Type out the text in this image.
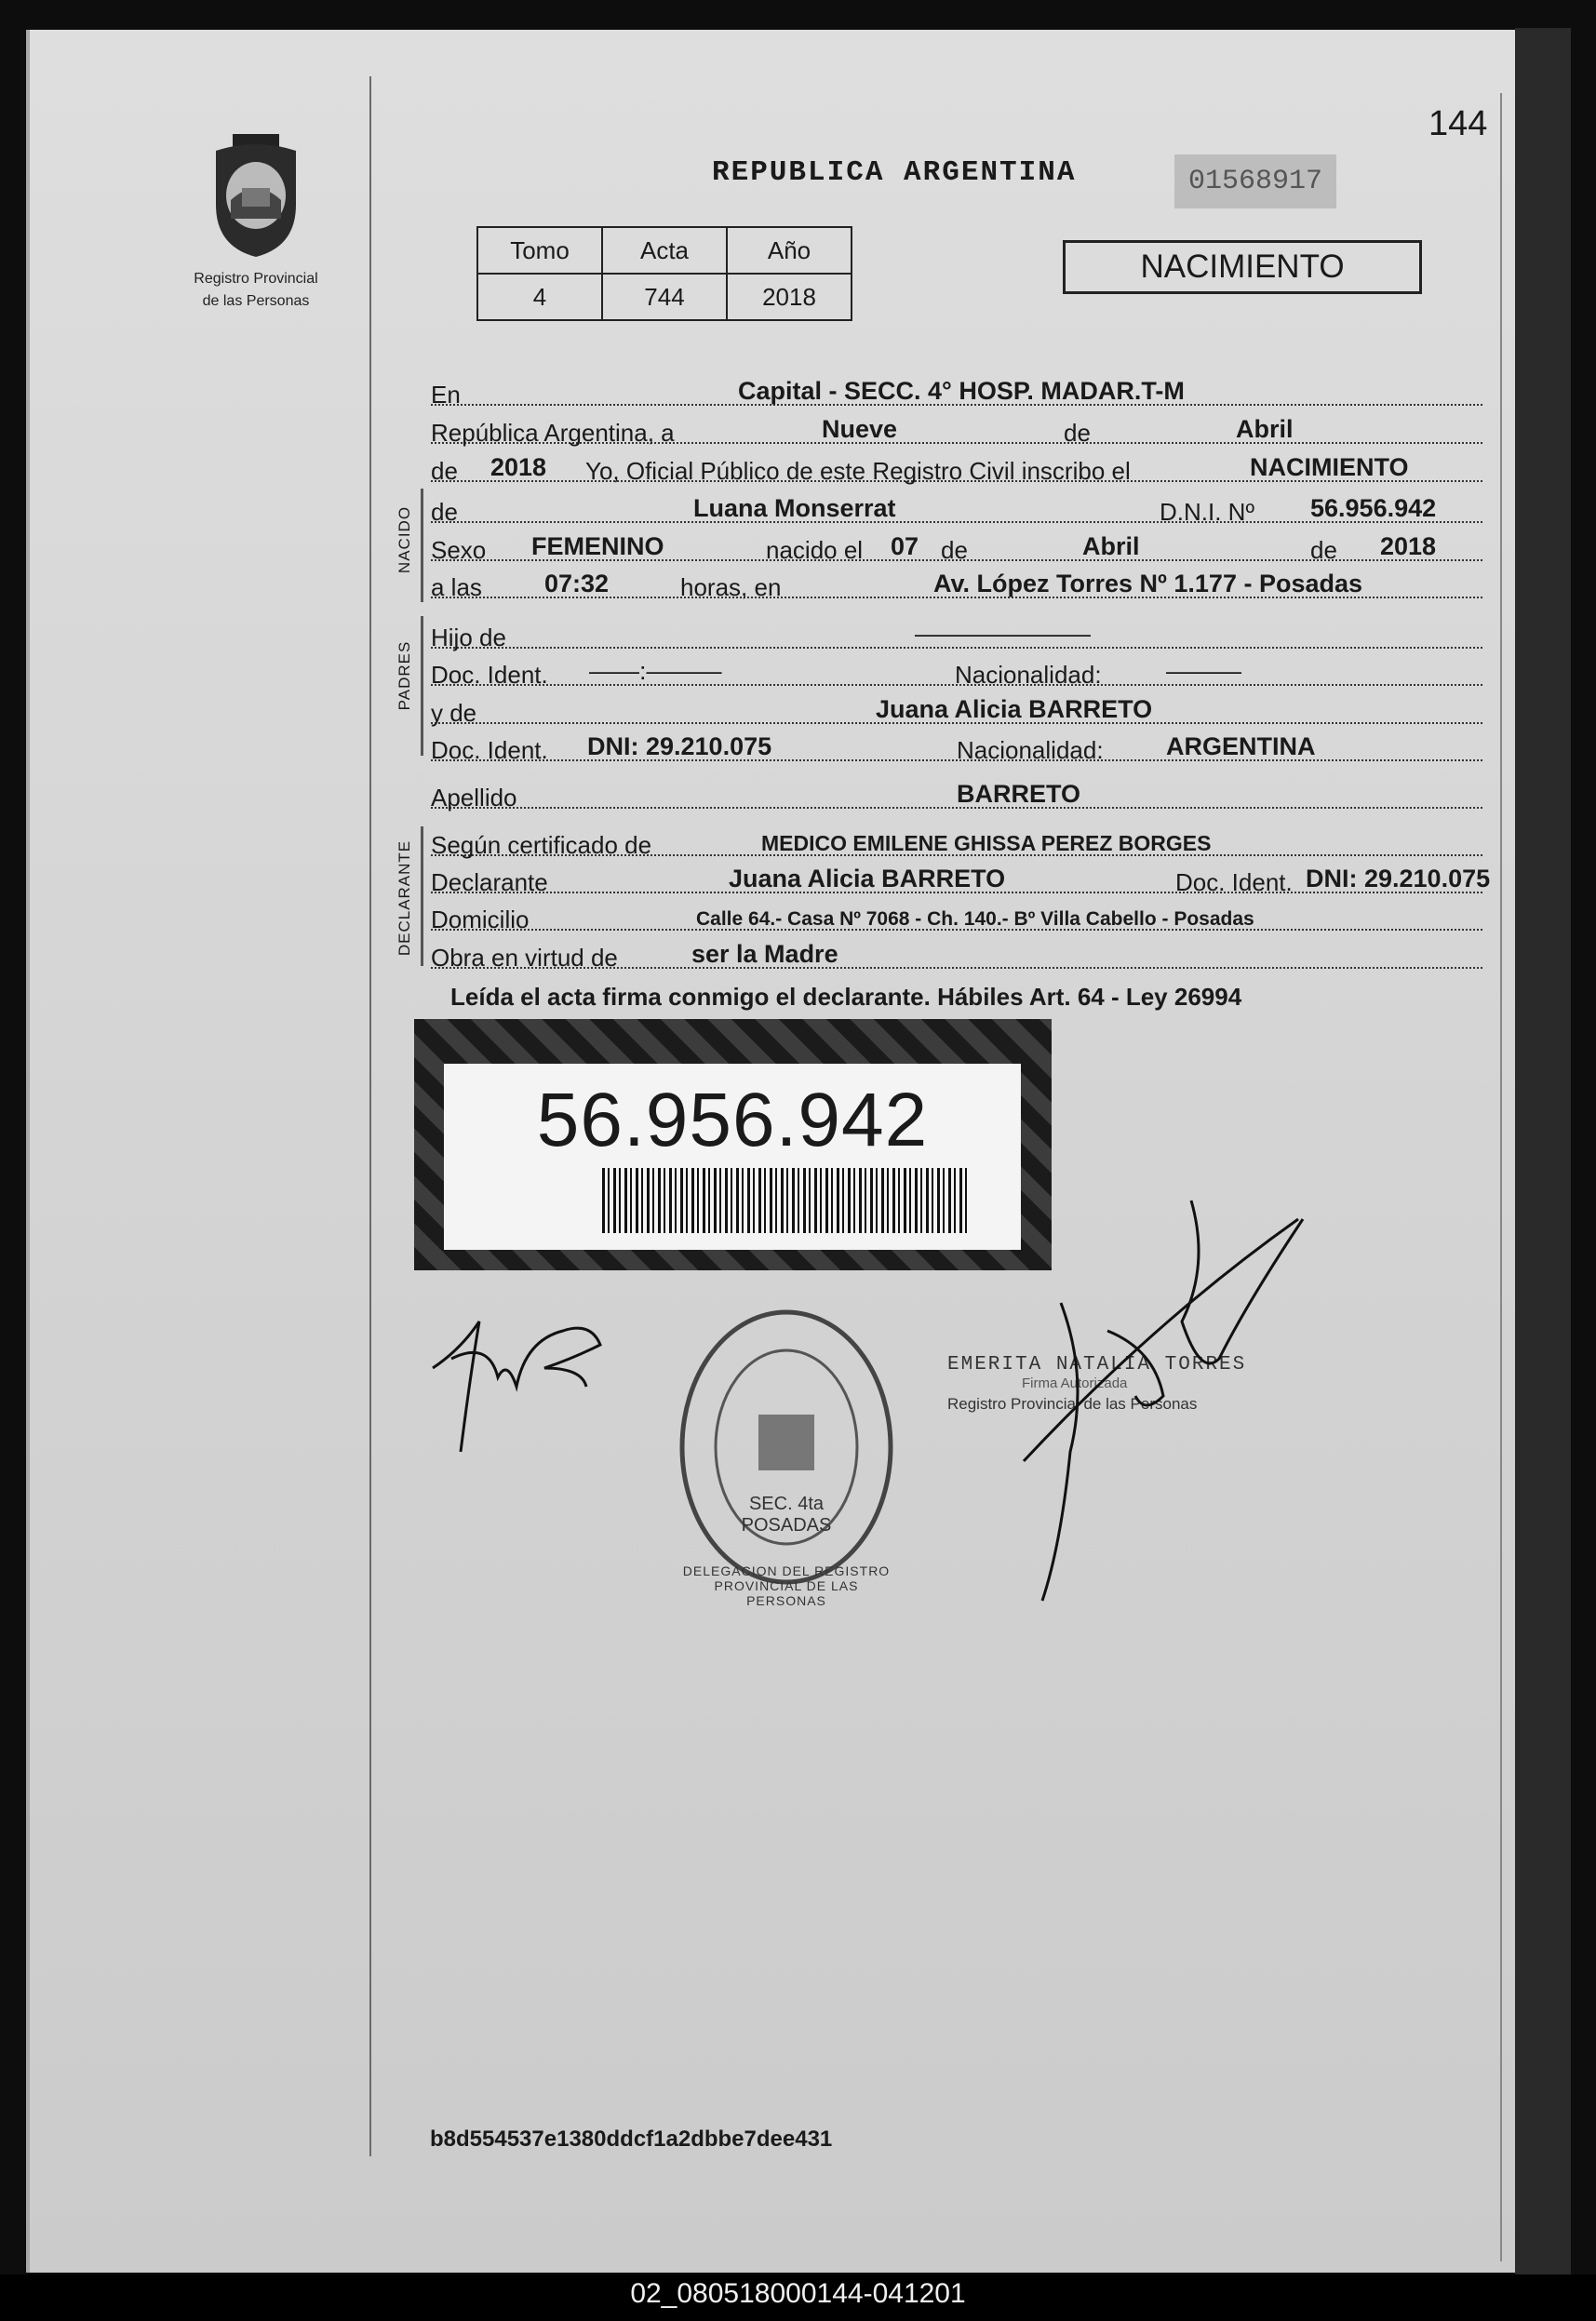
Registro Provincial
de las Personas
144
REPUBLICA ARGENTINA	01568917
Tomo	Acta	Año
4	744	2018
NACIMIENTO
En	Capital - SECC. 4° HOSP. MADAR.T-M
República Argentina, a	Nueve	de	Abril
de 2018 Yo, Oficial Público de este Registro Civil inscribo el	NACIMIENTO
NACIDO de	Luana Monserrat	D.N.I. Nº 56.956.942
Sexo FEMENINO	nacido el 07 de	Abril	de 2018
a las 07:32	horas, en	Av. López Torres Nº 1.177 - Posadas
PADRES
Hijo de	———————
Doc. Ident. ——:———	Nacionalidad:	———
y de	Juana Alicia BARRETO
Doc. Ident. DNI: 29.210.075	Nacionalidad: ARGENTINA
Apellido	BARRETO
DECLARANTE Según certificado de	MEDICO EMILENE GHISSA PEREZ BORGES
Declarante	Juana Alicia BARRETO	Doc. Ident. DNI: 29.210.075
Domicilio	Calle 64.- Casa Nº 7068 - Ch. 140.- Bº Villa Cabello - Posadas
Obra en virtud de	ser la Madre
Leída el acta firma conmigo el declarante. Hábiles Art. 64 - Ley 26994
56.956.942
DELEGACION DEL REGISTRO PROVINCIAL DE LAS PERSONAS
SEC. 4ta POSADAS
EMERITA NATALIA TORRES
Firma Autorizada
Registro Provincial de las Personas
b8d554537e1380ddcf1a2dbbe7dee431
02_080518000144-041201
